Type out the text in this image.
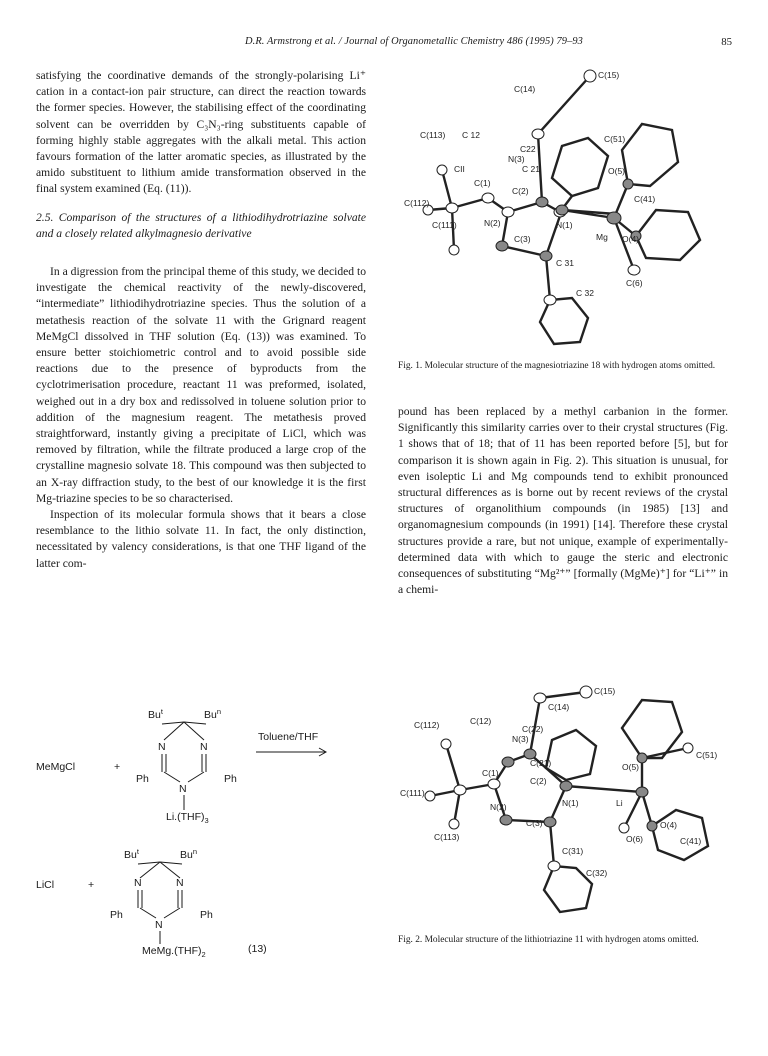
D.R. Armstrong et al. / Journal of Organometallic Chemistry 486 (1995) 79–93	85

satisfying the coordinative demands of the strongly-polarising Li⁺ cation in a contact-ion pair structure, can direct the reaction towards the former species. However, the stabilising effect of the coordinating solvent can be overridden by C₃N₃-ring substituents capable of forming highly stable aggregates with the alkali metal. This action favours formation of the latter aromatic species, as illustrated by the amido substituent to lithium amide transformation observed in the final system examined (Eq. (11)).

2.5. Comparison of the structures of a lithiodihydrotriazine solvate and a closely related alkylmagnesio derivative

In a digression from the principal theme of this study, we decided to investigate the chemical reactivity of the newly-discovered, “intermediate” lithiodihydrotriazine species. Thus the solution of a metathesis reaction of the solvate 11 with the Grignard reagent MeMgCl dissolved in THF solution (Eq. (13)) was examined. To ensure better stoichiometric control and to avoid possible side reactions due to the presence of byproducts from the cyclotrimerisation procedure, reactant 11 was preformed, isolated, weighed out in a dry box and redissolved in toluene solution prior to addition of the magnesium reagent. The metathesis proved straightforward, instantly giving a precipitate of LiCl, which was removed by filtration, while the filtrate produced a large crop of the crystalline magnesio solvate 18. This compound was then subjected to an X-ray diffraction study, to the best of our knowledge it is the first Mg-triazine species to be so characterised.

Inspection of its molecular formula shows that it bears a close resemblance to the lithio solvate 11. In fact, the only distinction, necessitated by valency considerations, is that one THF ligand of the latter com-

C(15)
C(14)
C(113) C 12	C(51)
C22
N(3)
C 21	O(5)
CII
C(1)
C(2)
C(41)
C(112)
C(111)	N(2)	N(1)
C(3)	Mg O(4)
C 31
C(6)
C 32
Fig. 1. Molecular structure of the magnesiotriazine 18 with hydrogen atoms omitted.

pound has been replaced by a methyl carbanion in the former. Significantly this similarity carries over to their crystal structures (Fig. 1 shows that of 18; that of 11 has been reported before [5], but for comparison it is shown again in Fig. 2). This situation is unusual, for even isoleptic Li and Mg compounds tend to exhibit pronounced structural differences as is borne out by recent reviews of the crystal structures of organolithium compounds (in 1985) [13] and organomagnesium compounds (in 1991) [14]. Therefore these crystal structures provide a rare, but not unique, example of experimentally-determined data with which to gauge the steric and electronic consequences of substituting “Mg²⁺” [formally (MgMe)⁺] for “Li⁺” in a chemi-

C(15)
C(14)
C(112)	C(12)
C(22)
N(3)
C(21)	O(5)
C(51)
C(1)
C(2)
C(111)
N(2)	N(1)	Li
O(4)
C(113)
C(3)
O(6)	C(41)
C(31)
C(32)
Fig. 2. Molecular structure of the lithiotriazine 11 with hydrogen atoms omitted.
MeMgCl	+
$Bu^t$	Bu$^n$
N	N
N
Ph	Ph
$Li.(THF)_3$
Toluene/THF
LiCl	+
$Bu^t$	Bu$^n$
N	N
N
Ph	Ph
$MeMg.(THF)_2$	(13)
